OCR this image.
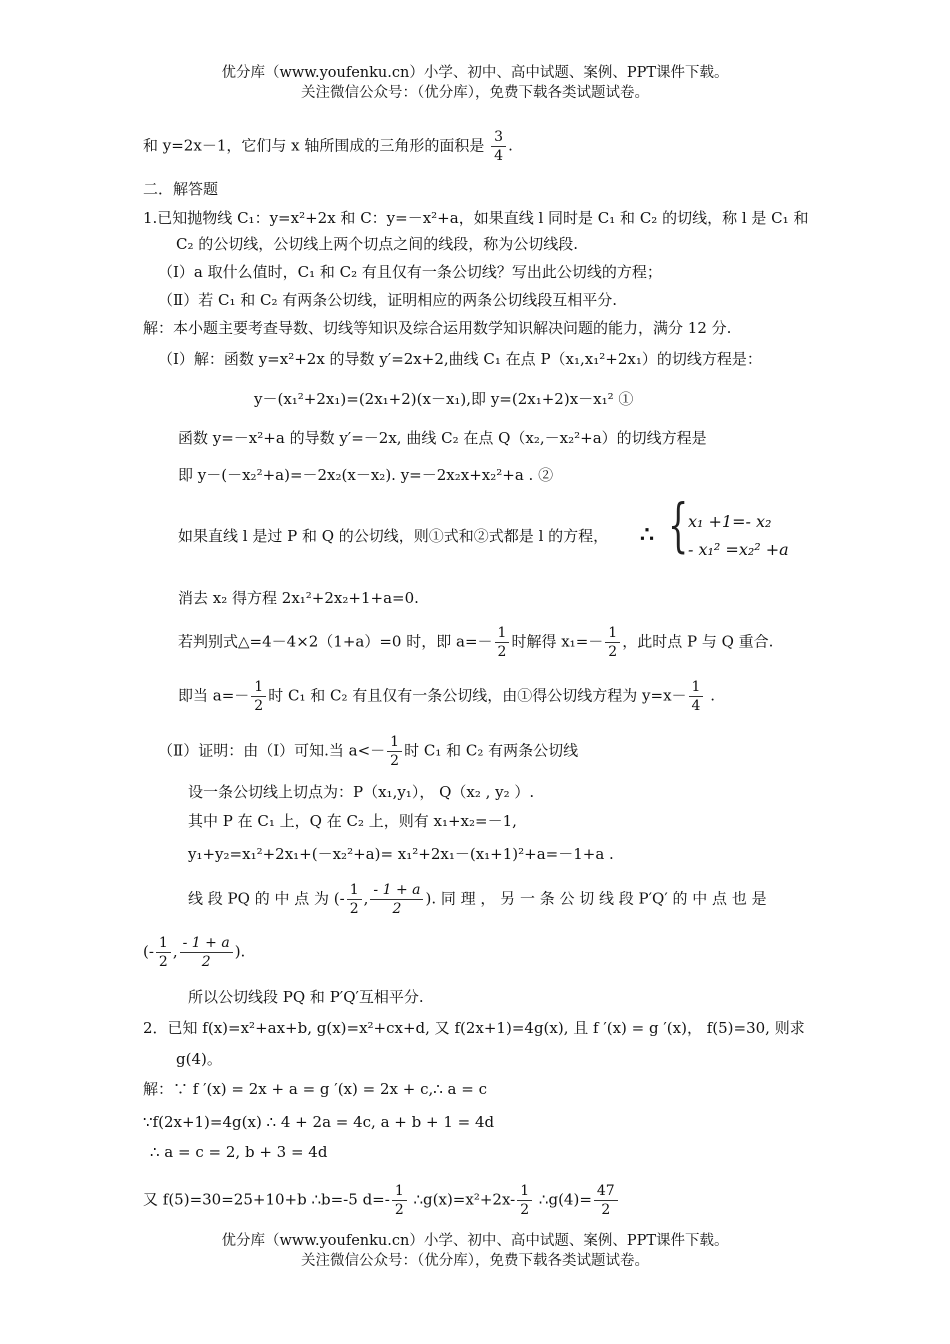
优分库（www.youfenku.cn）小学、初中、高中试题、案例、PPT课件下载。
关注微信公众号：（优分库），免费下载各类试题试卷。
和 y=2x－1，它们与 x 轴所围成的三角形的面积是 $\frac{3}{4}$ .
二．解答题
1.已知抛物线 C₁：y=x²+2x 和 C：y=－x²+a，如果直线 l 同时是 C₁ 和 C₂ 的切线，称 l 是 C₁ 和
C₂ 的公切线，公切线上两个切点之间的线段，称为公切线段.
（Ⅰ）a 取什么值时，C₁ 和 C₂ 有且仅有一条公切线？写出此公切线的方程；
（Ⅱ）若 C₁ 和 C₂ 有两条公切线，证明相应的两条公切线段互相平分.
解：本小题主要考查导数、切线等知识及综合运用数学知识解决问题的能力，满分 12 分.
（Ⅰ）解：函数 y=x²+2x 的导数 y′=2x+2,曲线 C₁ 在点 P（x₁,x₁²+2x₁）的切线方程是：
y－(x₁²+2x₁)=(2x₁+2)(x－x₁),即 y=(2x₁+2)x－x₁² ①
函数 y=－x²+a 的导数 y′=－2x, 曲线 C₂ 在点 Q（x₂,－x₂²+a）的切线方程是
即 y－(－x₂²+a)=－2x₂(x－x₂). y=－2x₂x+x₂²+a . ②
如果直线 l 是过 P 和 Q 的公切线，则①式和②式都是 l 的方程， ∴ { x₁ +1=- x₂
- x₁² =x₂² +a
消去 x₂ 得方程 2x₁²+2x₂+1+a=0.
若判别式△=4－4×2（1+a）=0 时，即 $a=- \frac{1}{2}$ 时解得 $x_1=- \frac{1}{2}$ ，此时点 P 与 Q 重合.
即当 $a=- \frac{1}{2}$ 时 C₁ 和 C₂ 有且仅有一条公切线，由①得公切线方程为 $y=x- \frac{1}{4}$ .
（Ⅱ）证明：由（Ⅰ）可知.当 $a<- \frac{1}{2}$ 时 C₁ 和 C₂ 有两条公切线
设一条公切线上切点为：P（x₁,y₁）， Q（x₂ , y₂ ）.
其中 P 在 C₁ 上，Q 在 C₂ 上，则有 x₁+x₂=－1,
y₁+y₂=x₁²+2x₁+(－x₂²+a)= x₁²+2x₁－(x₁+1)²+a=－1+a .
线 段 PQ 的 中 点 为 (- $\frac{1}{2}$ , $\frac{- 1 + a}{2}$ ). 同 理 ， 另 一 条 公 切 线 段 P′Q′ 的 中 点 也 是
(- $\frac{1}{2}$ , $\frac{- 1 + a}{2}$ ).
所以公切线段 PQ 和 P′Q′互相平分.
2．已知 f(x)=x²+ax+b, g(x)=x²+cx+d, 又 f(2x+1)=4g(x), 且 f ′(x) = g ′(x)， f(5)=30, 则求
g(4)。
解：∵ f ′(x) = 2x + a = g ′(x) = 2x + c,∴ a = c
∵f(2x+1)=4g(x) ∴ 4 + 2a = 4c, a + b + 1 = 4d
∴ a = c = 2, b + 3 = 4d
又 f(5)=30=25+10+b ∴b=-5 $d=- \frac{1}{2}$ ∴g(x)=x²+2x- $\frac{1}{2}$ ∴g(4)= $\frac{47}{2}$
优分库（www.youfenku.cn）小学、初中、高中试题、案例、PPT课件下载。
关注微信公众号：（优分库），免费下载各类试题试卷。
